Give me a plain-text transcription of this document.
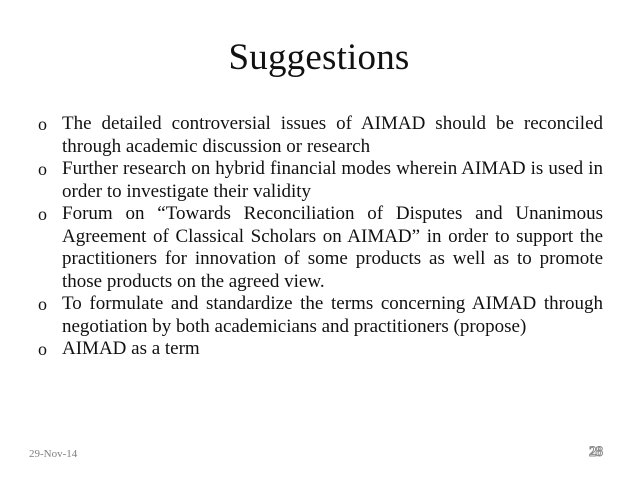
Suggestions
o The detailed controversial issues of AIMAD should be reconciled through academic discussion or research
o Further research on hybrid financial modes wherein AIMAD is used in order to investigate their validity
o Forum on “Towards Reconciliation of Disputes and Unanimous Agreement of Classical Scholars on AIMAD” in order to support the practitioners for innovation of some products as well as to promote those products on the agreed view.
o To formulate and standardize the terms concerning AIMAD through negotiation by both academicians and practitioners (propose)
o AIMAD as a term
29-Nov-14	28
